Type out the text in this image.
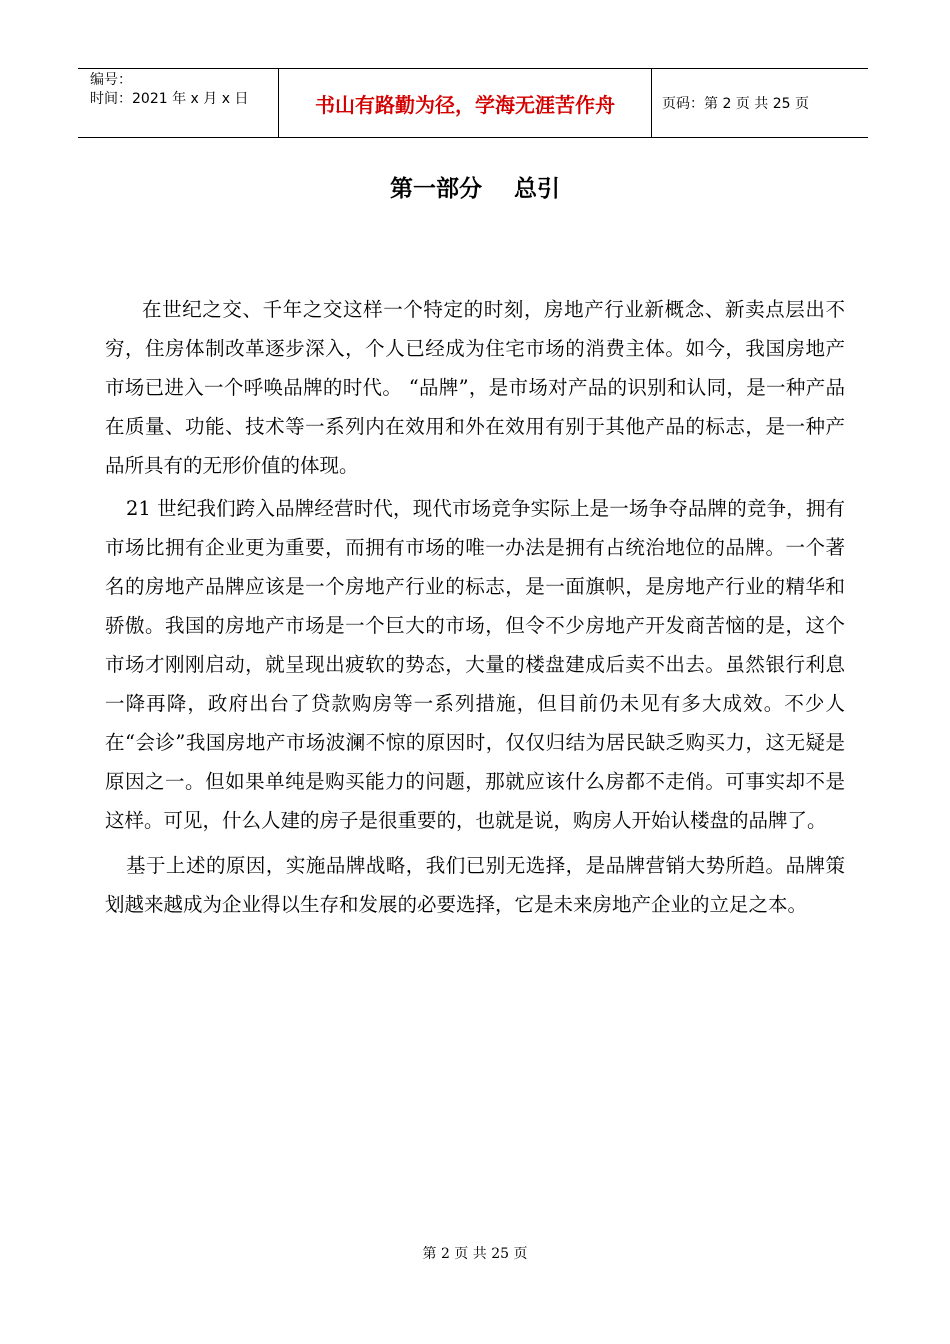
编号：
时间：2021 年 x 月 x 日	书山有路勤为径，学海无涯苦作舟	页码：第 2 页 共 25 页
第一部分    总引

在世纪之交、千年之交这样一个特定的时刻，房地产行业新概念、新卖点层出不穷，住房体制改革逐步深入，个人已经成为住宅市场的消费主体。如今，我国房地产市场已进入一个呼唤品牌的时代。 “品牌”，是市场对产品的识别和认同，是一种产品在质量、功能、技术等一系列内在效用和外在效用有别于其他产品的标志，是一种产品所具有的无形价值的体现。

21 世纪我们跨入品牌经营时代，现代市场竞争实际上是一场争夺品牌的竞争，拥有市场比拥有企业更为重要，而拥有市场的唯一办法是拥有占统治地位的品牌。一个著名的房地产品牌应该是一个房地产行业的标志，是一面旗帜，是房地产行业的精华和骄傲。我国的房地产市场是一个巨大的市场，但令不少房地产开发商苦恼的是，这个市场才刚刚启动，就呈现出疲软的势态，大量的楼盘建成后卖不出去。虽然银行利息一降再降，政府出台了贷款购房等一系列措施，但目前仍未见有多大成效。不少人在“会诊”我国房地产市场波澜不惊的原因时，仅仅归结为居民缺乏购买力，这无疑是原因之一。但如果单纯是购买能力的问题，那就应该什么房都不走俏。可事实却不是这样。可见，什么人建的房子是很重要的，也就是说，购房人开始认楼盘的品牌了。

基于上述的原因，实施品牌战略，我们已别无选择，是品牌营销大势所趋。品牌策划越来越成为企业得以生存和发展的必要选择，它是未来房地产企业的立足之本。

第 2 页 共 25 页
